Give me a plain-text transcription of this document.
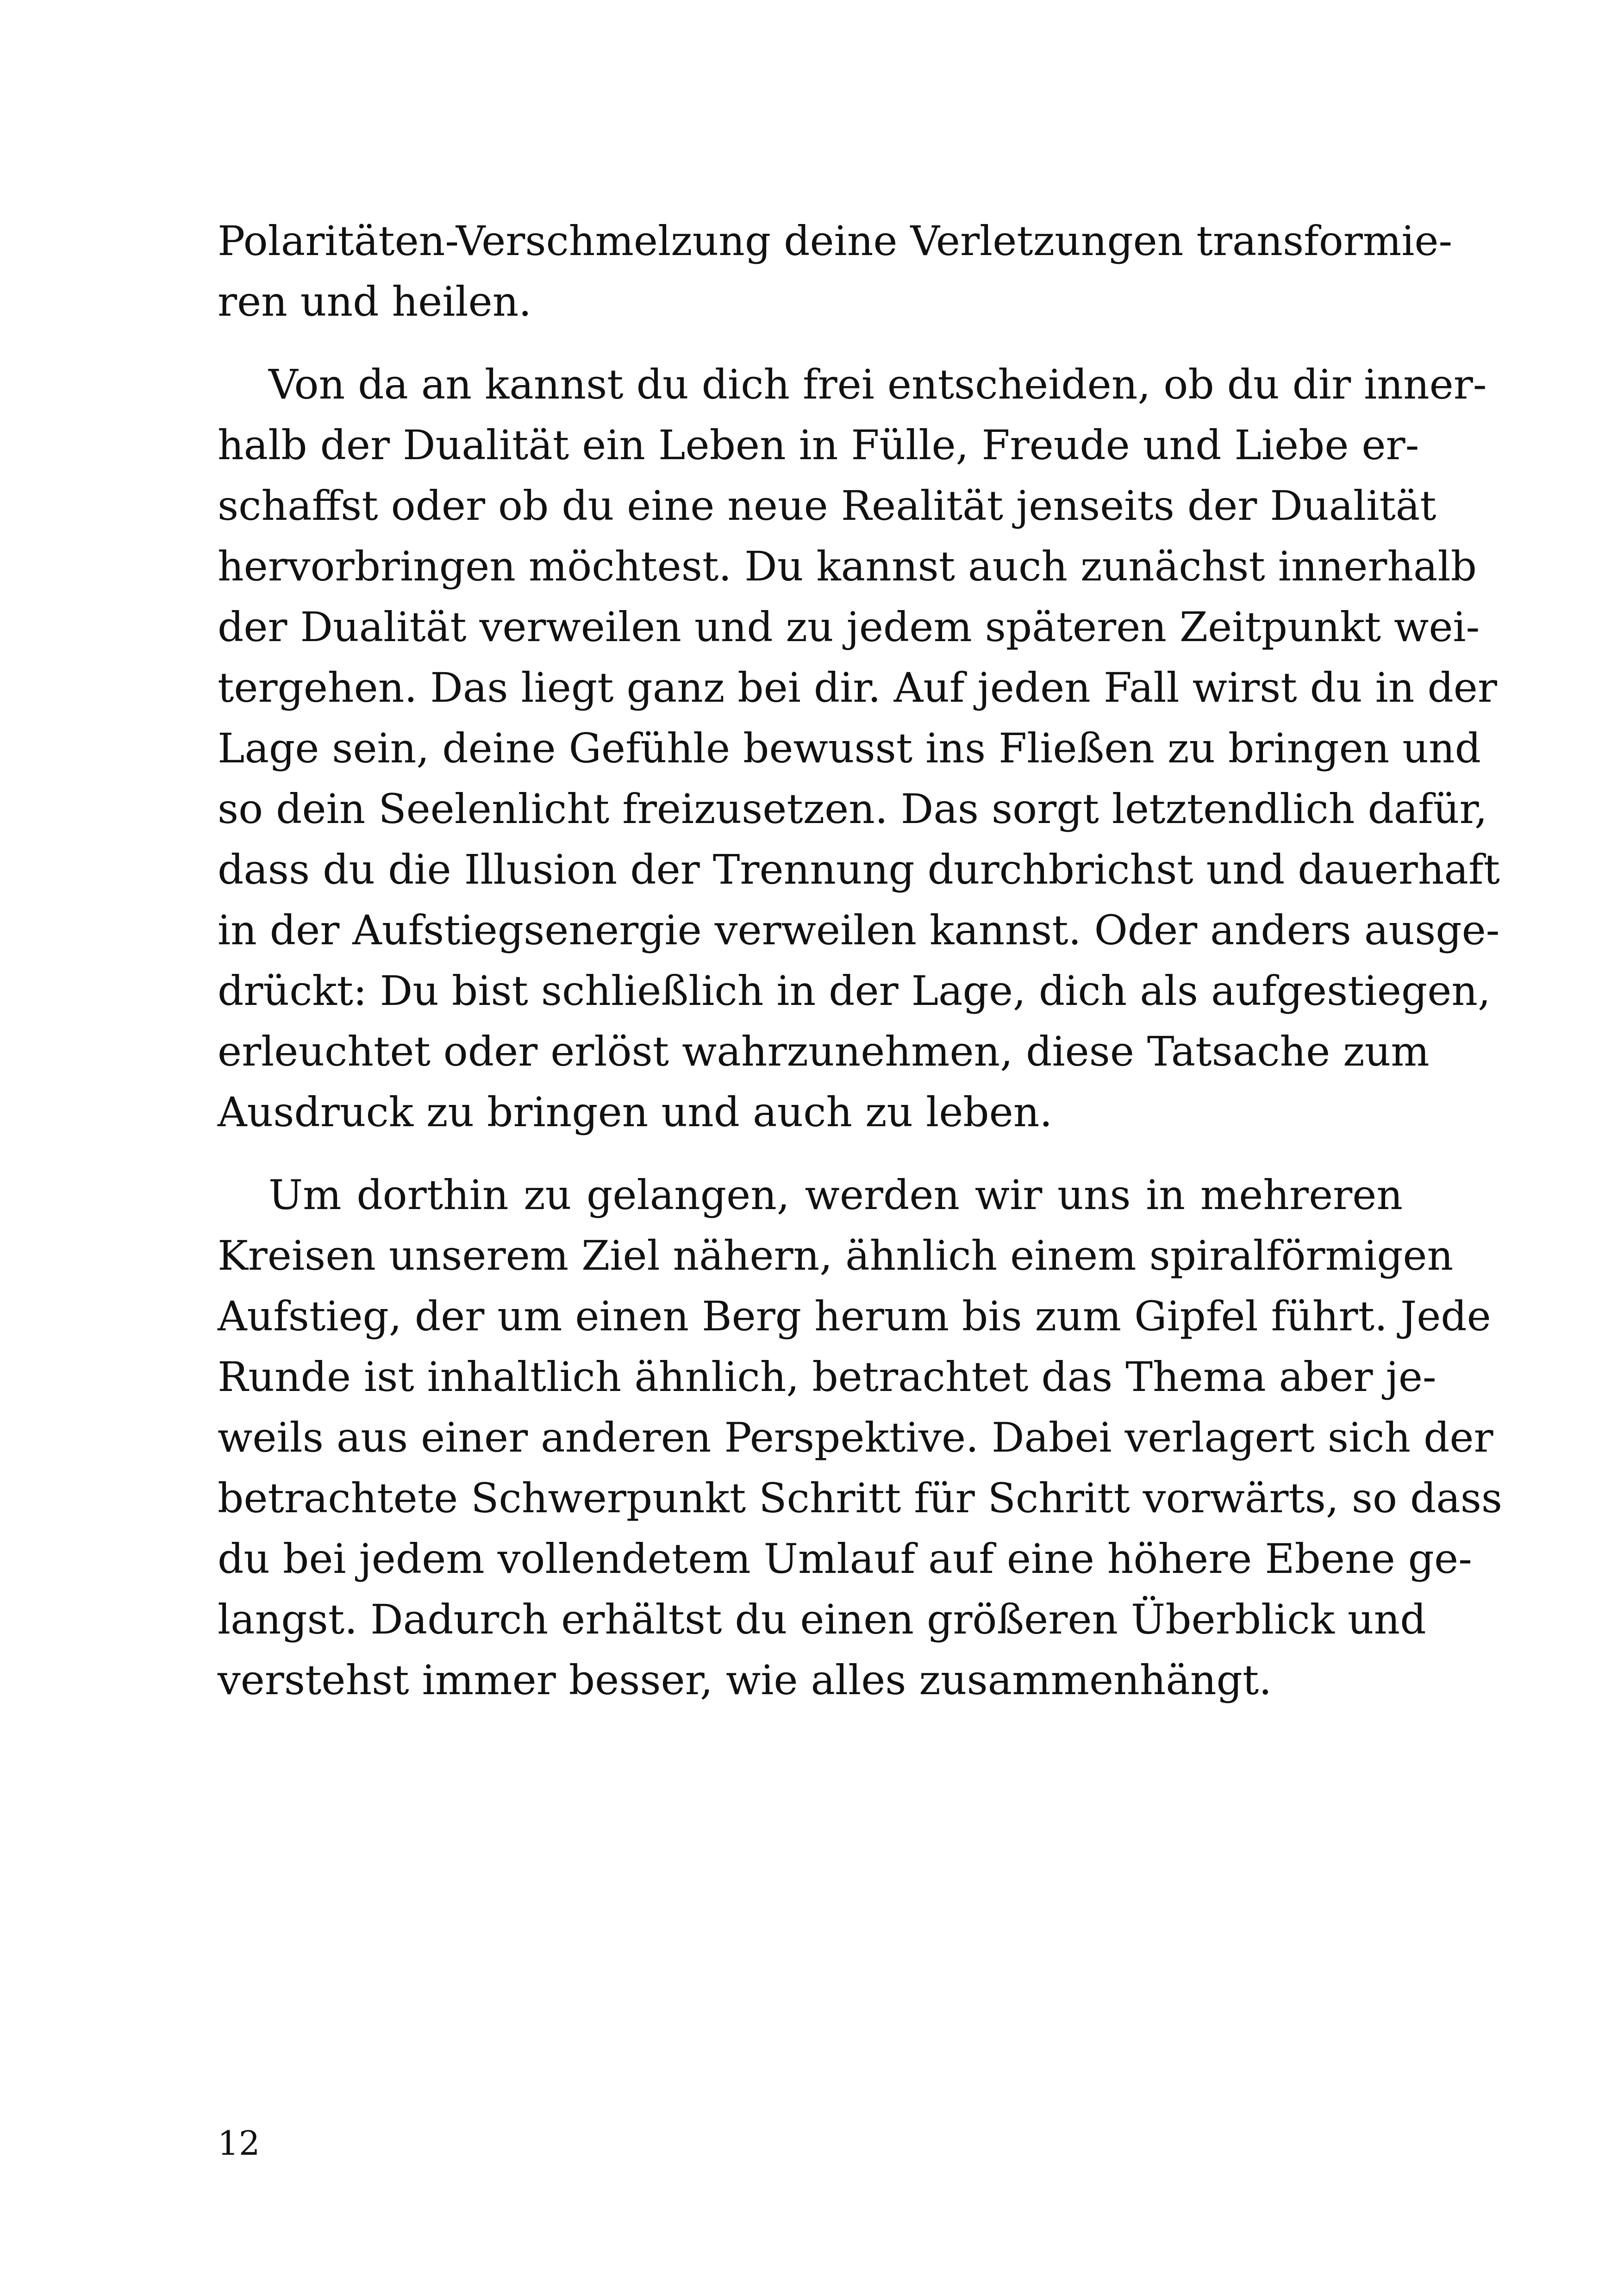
Polaritäten-Verschmelzung deine Verletzungen transformie-
ren und heilen.

Von da an kannst du dich frei entscheiden, ob du dir inner-
halb der Dualität ein Leben in Fülle, Freude und Liebe er-
schaffst oder ob du eine neue Realität jenseits der Dualität
hervorbringen möchtest. Du kannst auch zunächst innerhalb
der Dualität verweilen und zu jedem späteren Zeitpunkt wei-
tergehen. Das liegt ganz bei dir. Auf jeden Fall wirst du in der
Lage sein, deine Gefühle bewusst ins Fließen zu bringen und
so dein Seelenlicht freizusetzen. Das sorgt letztendlich dafür,
dass du die Illusion der Trennung durchbrichst und dauerhaft
in der Aufstiegsenergie verweilen kannst. Oder anders ausge-
drückt: Du bist schließlich in der Lage, dich als aufgestiegen,
erleuchtet oder erlöst wahrzunehmen, diese Tatsache zum
Ausdruck zu bringen und auch zu leben.

Um dorthin zu gelangen, werden wir uns in mehreren
Kreisen unserem Ziel nähern, ähnlich einem spiralförmigen
Aufstieg, der um einen Berg herum bis zum Gipfel führt. Jede
Runde ist inhaltlich ähnlich, betrachtet das Thema aber je-
weils aus einer anderen Perspektive. Dabei verlagert sich der
betrachtete Schwerpunkt Schritt für Schritt vorwärts, so dass
du bei jedem vollendetem Umlauf auf eine höhere Ebene ge-
langst. Dadurch erhältst du einen größeren Überblick und
verstehst immer besser, wie alles zusammenhängt.

12
